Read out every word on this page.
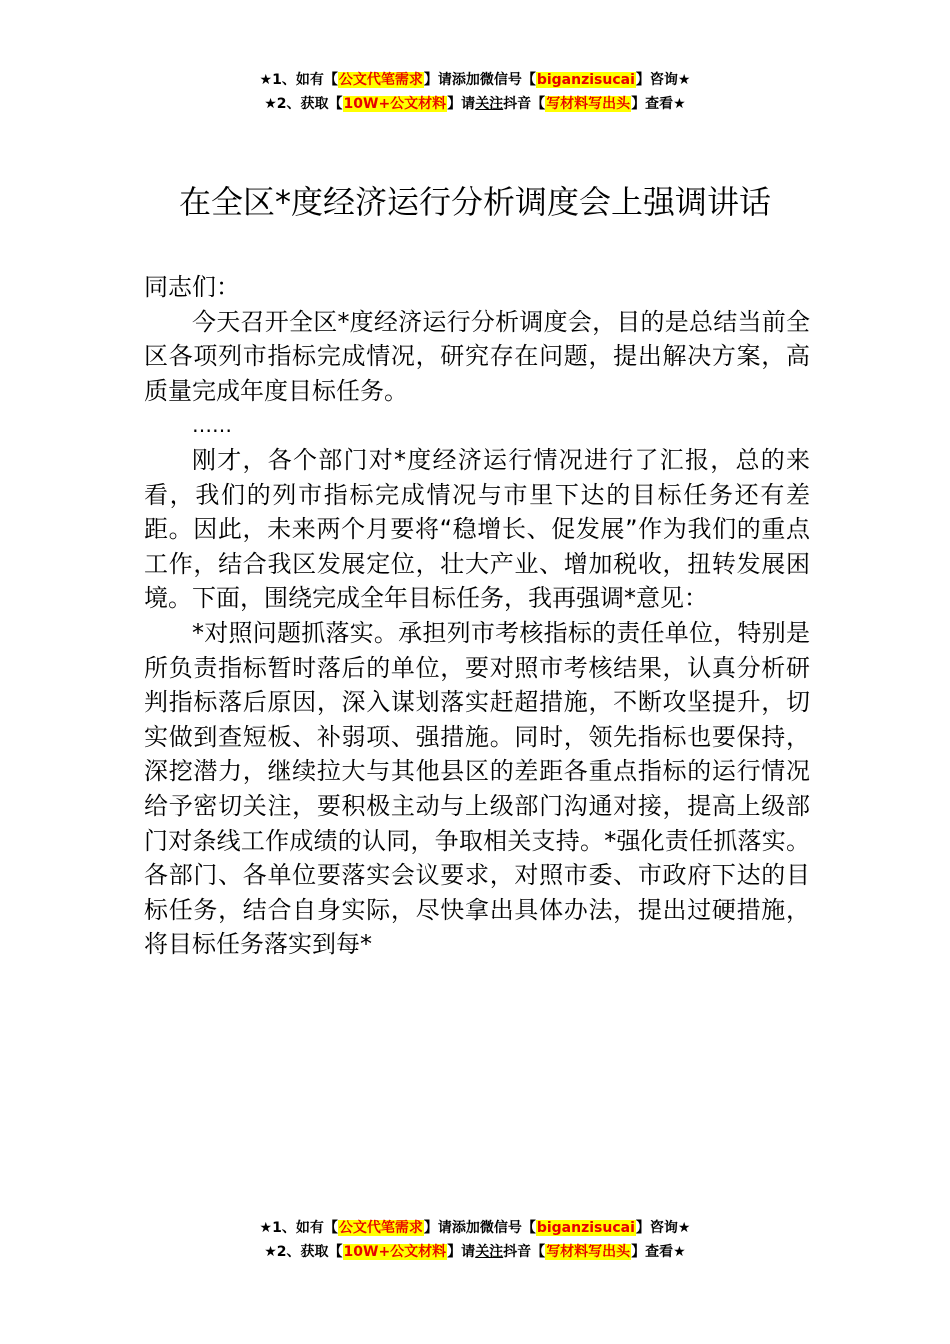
★1、如有【公文代笔需求】请添加微信号【biganzisucai】咨询★
★2、获取【10W+公文材料】请关注抖音【写材料写出头】查看★
在全区*度经济运行分析调度会上强调讲话

同志们：

今天召开全区*度经济运行分析调度会，目的是总结当前全区各项列市指标完成情况，研究存在问题，提出解决方案，高质量完成年度目标任务。

……

刚才，各个部门对*度经济运行情况进行了汇报，总的来看，我们的列市指标完成情况与市里下达的目标任务还有差距。因此，未来两个月要将“稳增长、促发展”作为我们的重点工作，结合我区发展定位，壮大产业、增加税收，扭转发展困境。下面，围绕完成全年目标任务，我再强调*意见：

*对照问题抓落实。承担列市考核指标的责任单位，特别是所负责指标暂时落后的单位，要对照市考核结果，认真分析研判指标落后原因，深入谋划落实赶超措施，不断攻坚提升，切实做到查短板、补弱项、强措施。同时，领先指标也要保持，深挖潜力，继续拉大与其他县区的差距各重点指标的运行情况给予密切关注，要积极主动与上级部门沟通对接，提高上级部门对条线工作成绩的认同，争取相关支持。*强化责任抓落实。各部门、各单位要落实会议要求，对照市委、市政府下达的目标任务，结合自身实际，尽快拿出具体办法，提出过硬措施，将目标任务落实到每*

★1、如有【公文代笔需求】请添加微信号【biganzisucai】咨询★
★2、获取【10W+公文材料】请关注抖音【写材料写出头】查看★
